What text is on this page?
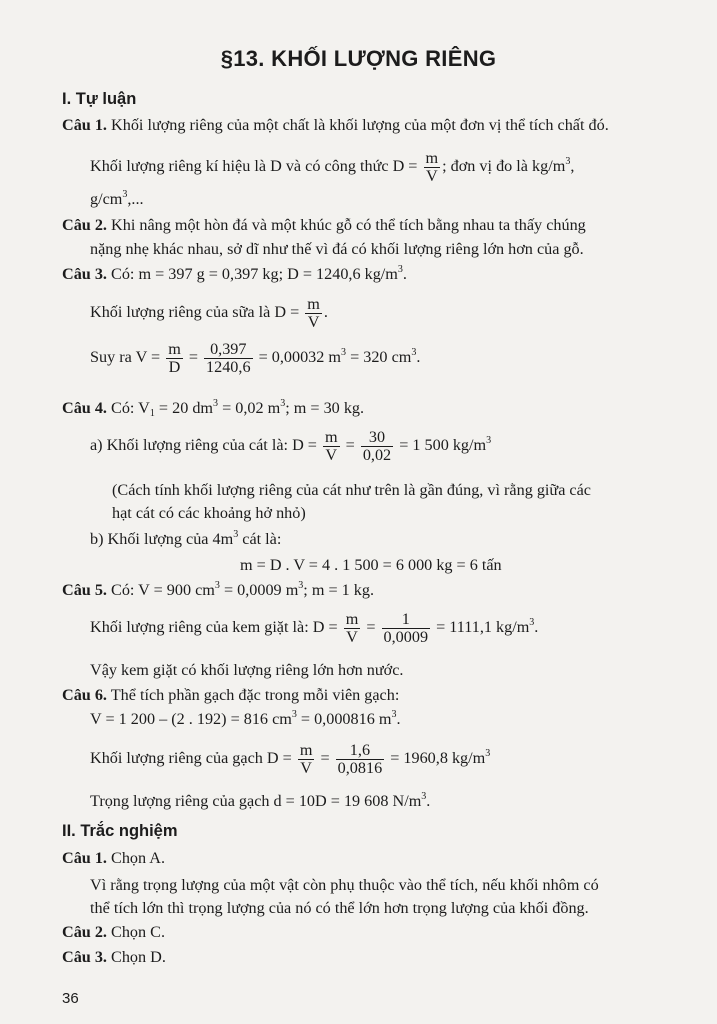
§13. KHỐI LƯỢNG RIÊNG
I. Tự luận
Câu 1. Khối lượng riêng của một chất là khối lượng của một đơn vị thể tích chất đó.
Khối lượng riêng kí hiệu là D và có công thức $D = \frac{m}{V}$ ; đơn vị đo là $kg/m^3$,
$g/cm^3$,...
Câu 2. Khi nâng một hòn đá và một khúc gỗ có thể tích bằng nhau ta thấy chúng
nặng nhẹ khác nhau, sở dĩ như thế vì đá có khối lượng riêng lớn hơn của gỗ.
Câu 3. Có: m = 397 g = 0,397 kg; D = 1240,6 $kg/m^3$.
Khối lượng riêng của sữa là $D = \frac{m}{V}$ .
Suy ra $V = \frac{m}{D} = \frac{0,397}{1240,6} = 0,00032$ $m^3 = 320$ $cm^3$.
Câu 4. Có: $V_1 = 20$ $dm^3 = 0,02$ $m^3$; m = 30 kg.
a) Khối lượng riêng của cát là: $D = \frac{m}{V} = \frac{30}{0,02} = 1$ 500 $kg/m^3$
(Cách tính khối lượng riêng của cát như trên là gần đúng, vì rằng giữa các
hạt cát có các khoảng hở nhỏ)
b) Khối lượng của $4m^3$ cát là:
m = D . V = 4 . 1 500 = 6 000 kg = 6 tấn
Câu 5. Có: V = 900 $cm^3 = 0,0009$ $m^3$; m = 1 kg.
Khối lượng riêng của kem giặt là: $D = \frac{m}{V} = \frac{1}{0,0009} = 1111,1$ $kg/m^3$.
Vậy kem giặt có khối lượng riêng lớn hơn nước.
Câu 6. Thể tích phần gạch đặc trong mỗi viên gạch:
V = 1 200 – (2 . 192) = 816 $cm^3 = 0,000816$ $m^3$.
Khối lượng riêng của gạch $D = \frac{m}{V} = \frac{1,6}{0,0816} = 1960,8$ $kg/m^3$
Trọng lượng riêng của gạch d = 10D = 19 608 $N/m^3$.
II. Trắc nghiệm
Câu 1. Chọn A.
Vì rằng trọng lượng của một vật còn phụ thuộc vào thể tích, nếu khối nhôm có
thể tích lớn thì trọng lượng của nó có thể lớn hơn trọng lượng của khối đồng.
Câu 2. Chọn C.
Câu 3. Chọn D.
36
